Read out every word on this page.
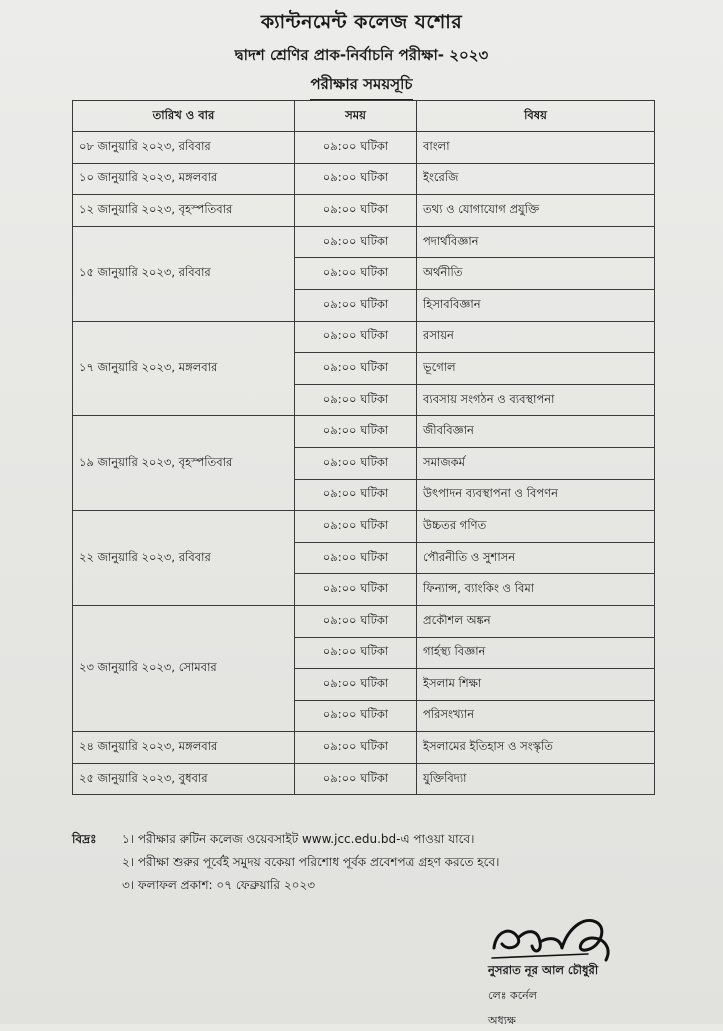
ক্যান্টনমেন্ট কলেজ যশোর
দ্বাদশ শ্রেণির প্রাক-নির্বাচনি পরীক্ষা- ২০২৩
পরীক্ষার সময়সূচি
তারিখ ও বার	সময়	বিষয়
০৮ জানুয়ারি ২০২৩, রবিবার	০৯:০০ ঘটিকা	বাংলা
১০ জানুয়ারি ২০২৩, মঙ্গলবার	০৯:০০ ঘটিকা	ইংরেজি
১২ জানুয়ারি ২০২৩, বৃহস্পতিবার	০৯:০০ ঘটিকা	তথ্য ও যোগাযোগ প্রযুক্তি
১৫ জানুয়ারি ২০২৩, রবিবার	০৯:০০ ঘটিকা	পদার্থবিজ্ঞান
	০৯:০০ ঘটিকা	অর্থনীতি
	০৯:০০ ঘটিকা	হিসাববিজ্ঞান
১৭ জানুয়ারি ২০২৩, মঙ্গলবার	০৯:০০ ঘটিকা	রসায়ন
	০৯:০০ ঘটিকা	ভূগোল
	০৯:০০ ঘটিকা	ব্যবসায় সংগঠন ও ব্যবস্থাপনা
১৯ জানুয়ারি ২০২৩, বৃহস্পতিবার	০৯:০০ ঘটিকা	জীববিজ্ঞান
	০৯:০০ ঘটিকা	সমাজকর্ম
	০৯:০০ ঘটিকা	উৎপাদন ব্যবস্থাপনা ও বিপণন
২২ জানুয়ারি ২০২৩, রবিবার	০৯:০০ ঘটিকা	উচ্চতর গণিত
	০৯:০০ ঘটিকা	পৌরনীতি ও সুশাসন
	০৯:০০ ঘটিকা	ফিন্যান্স, ব্যাংকিং ও বিমা
২৩ জানুয়ারি ২০২৩, সোমবার	০৯:০০ ঘটিকা	প্রকৌশল অঙ্কন
	০৯:০০ ঘটিকা	গার্হস্থ্য বিজ্ঞান
	০৯:০০ ঘটিকা	ইসলাম শিক্ষা
	০৯:০০ ঘটিকা	পরিসংখ্যান
২৪ জানুয়ারি ২০২৩, মঙ্গলবার	০৯:০০ ঘটিকা	ইসলামের ইতিহাস ও সংস্কৃতি
২৫ জানুয়ারি ২০২৩, বুধবার	০৯:০০ ঘটিকা	যুক্তিবিদ্যা
বিদ্রঃ ১। পরীক্ষার রুটিন কলেজ ওয়েবসাইট www.jcc.edu.bd-এ পাওয়া যাবে।
২। পরীক্ষা শুরুর পূর্বেই সমুদয় বকেয়া পরিশোধ পূর্বক প্রবেশপত্র গ্রহণ করতে হবে।
৩। ফলাফল প্রকাশ: ০৭ ফেব্রুয়ারি ২০২৩
নুসরাত নূর আল চৌধুরী
লেঃ কর্নেল
অধ্যক্ষ
